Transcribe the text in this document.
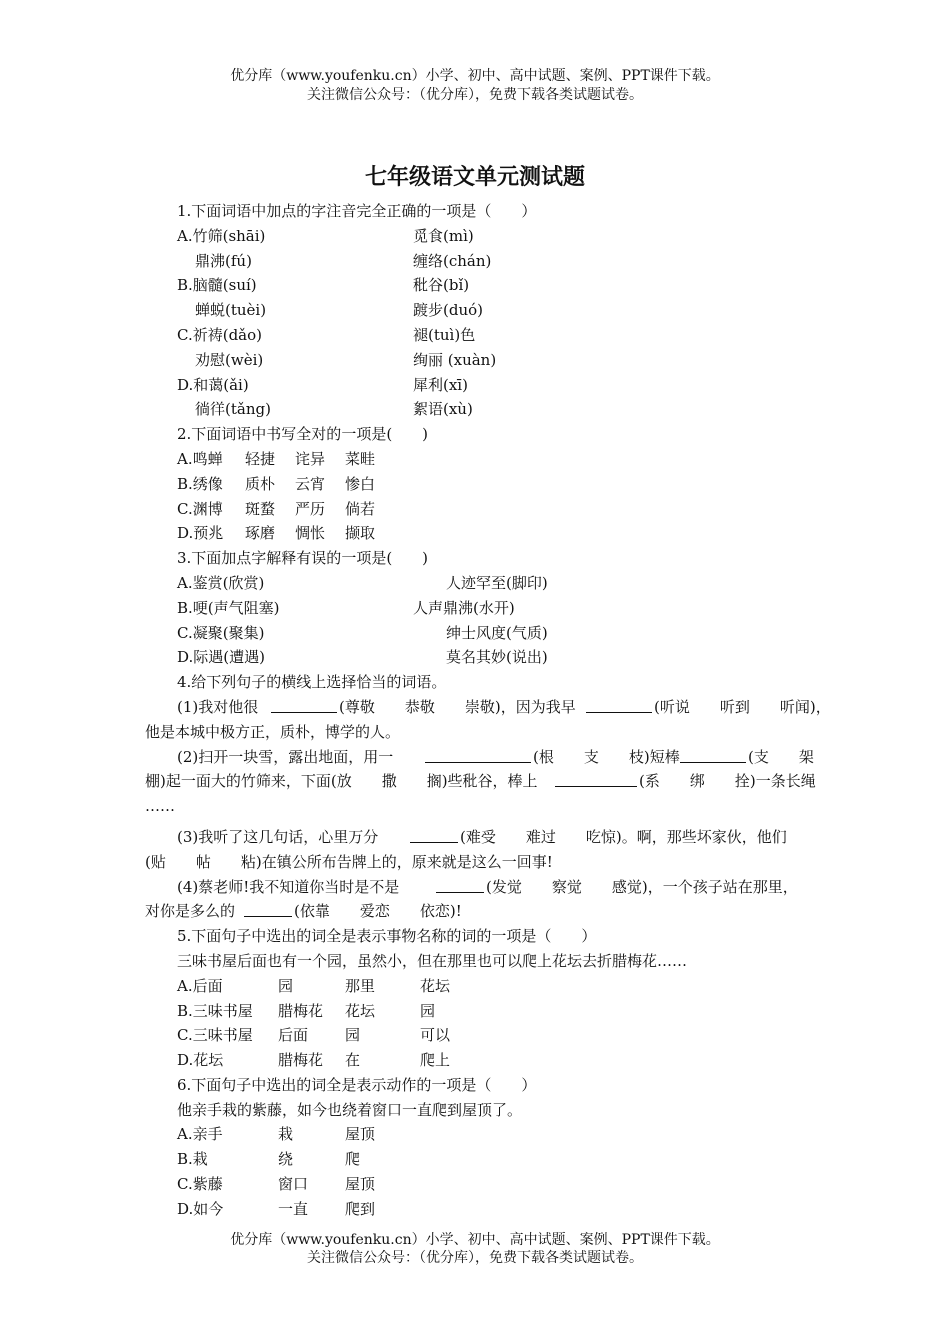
优分库（www.youfenku.cn）小学、初中、高中试题、案例、PPT课件下载。
关注微信公众号：（优分库），免费下载各类试题试卷。
七年级语文单元测试题
1.下面词语中加点的字注音完全正确的一项是（　　）
A.竹筛(shāi)	觅食(mì)
鼎沸(fú)	缠络(chán)
B.脑髓(suí)	秕谷(bǐ)
蝉蜕(tuèi)	踱步(duó)
C.祈祷(dǎo)	褪(tuì)色
劝慰(wèi)	绚丽 (xuàn)
D.和蔼(ǎi)	犀利(xī)
徜徉(tǎng)	絮语(xù)
2.下面词语中书写全对的一项是(　　)
A.鸣蝉 轻捷 诧异 菜畦
B.绣像 质朴 云宵 惨白
C.渊博 斑蝥 严历 倘若
D.预兆 琢磨 惆怅 撷取
3.下面加点字解释有误的一项是(　　)
A.鉴赏(欣赏)	人迹罕至(脚印)
B.哽(声气阻塞)	人声鼎沸(水开)
C.凝聚(聚集)	绅士风度(气质)
D.际遇(遭遇)	莫名其妙(说出)
4.给下列句子的横线上选择恰当的词语。
(1)我对他很	(尊敬　　恭敬　　崇敬)，因为我早	(听说　　听到　　听闻)，
他是本城中极方正，质朴，博学的人。
(2)扫开一块雪，露出地面，用一	(根　　支　　枝)短棒	(支　　架
棚)起一面大的竹筛来，下面(放　　撒　　搁)些秕谷，棒上	(系　　绑　　拴)一条长绳
……
(3)我听了这几句话，心里万分	(难受　　难过　　吃惊)。啊，那些坏家伙，他们
(贴　　帖　　粘)在镇公所布告牌上的，原来就是这么一回事!
(4)蔡老师!我不知道你当时是不是	(发觉　　察觉　　感觉)，一个孩子站在那里，
对你是多么的	(依靠　　爱恋　　依恋)!
5.下面句子中选出的词全是表示事物名称的词的一项是（　　）
三味书屋后面也有一个园，虽然小，但在那里也可以爬上花坛去折腊梅花……
A.后面	园	那里	花坛
B.三味书屋 腊梅花 花坛	园
C.三味书屋 后面 园	可以
D.花坛	腊梅花 在	爬上
6.下面句子中选出的词全是表示动作的一项是（　　）
他亲手栽的紫藤，如今也绕着窗口一直爬到屋顶了。
A.亲手	栽	屋顶
B.栽	绕	爬
C.紫藤	窗口 屋顶
D.如今	一直 爬到
优分库（www.youfenku.cn）小学、初中、高中试题、案例、PPT课件下载。
关注微信公众号：（优分库），免费下载各类试题试卷。
